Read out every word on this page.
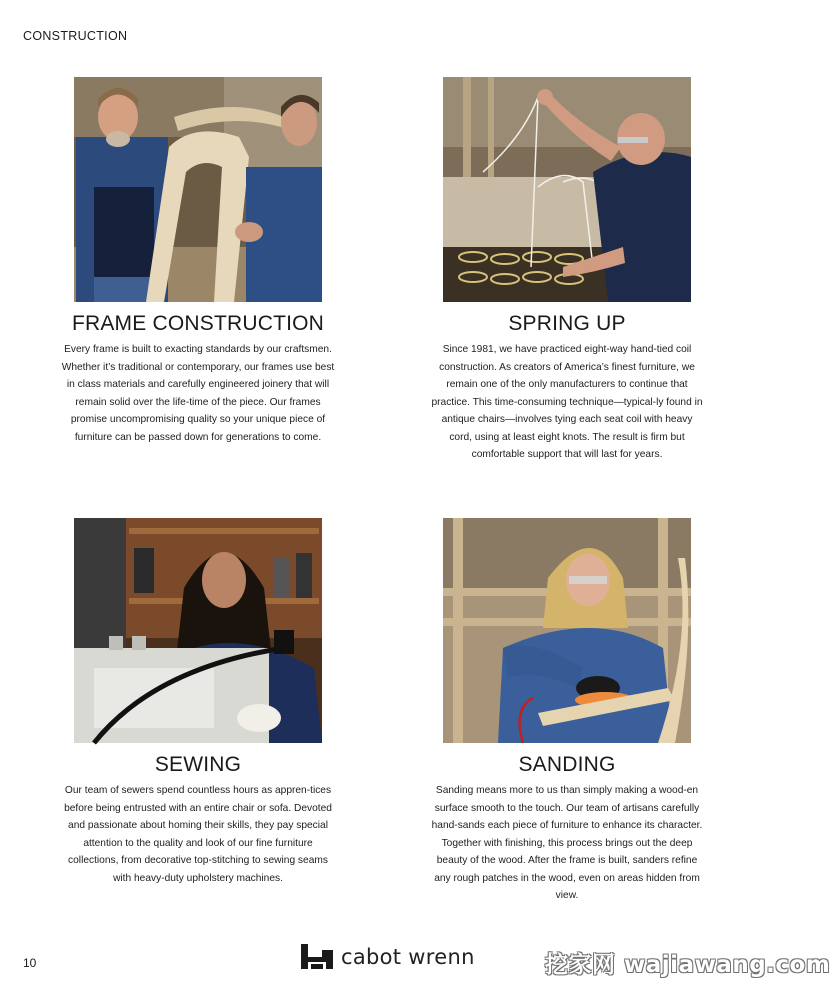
CONSTRUCTION
FRAME CONSTRUCTION
Every frame is built to exacting standards by our craftsmen. Whether it’s traditional or contemporary, our frames use best in class materials and carefully engineered joinery that will remain solid over the life-time of the piece. Our frames promise uncompromising quality so your unique piece of furniture can be passed down for generations to come.
SPRING UP
Since 1981, we have practiced eight-way hand-tied coil construction. As creators of America’s finest furniture, we remain one of the only manufacturers to continue that practice. This time-consuming technique—typical-ly found in antique chairs—involves tying each seat coil with heavy cord, using at least eight knots. The result is firm but comfortable support that will last for years.
SEWING
Our team of sewers spend countless hours as appren-tices before being entrusted with an entire chair or sofa. Devoted and passionate about homing their skills, they pay special attention to the quality and look of our fine furniture collections, from decorative top-stitching to sewing seams with heavy-duty upholstery machines.
SANDING
Sanding means more to us than simply making a wood-en surface smooth to the touch. Our team of artisans carefully hand-sands each piece of furniture to enhance its character. Together with finishing, this process brings out the deep beauty of the wood. After the frame is built, sanders refine any rough patches in the wood, even on areas hidden from view.
10	cabot wrenn	挖家网 wajiawang.com
